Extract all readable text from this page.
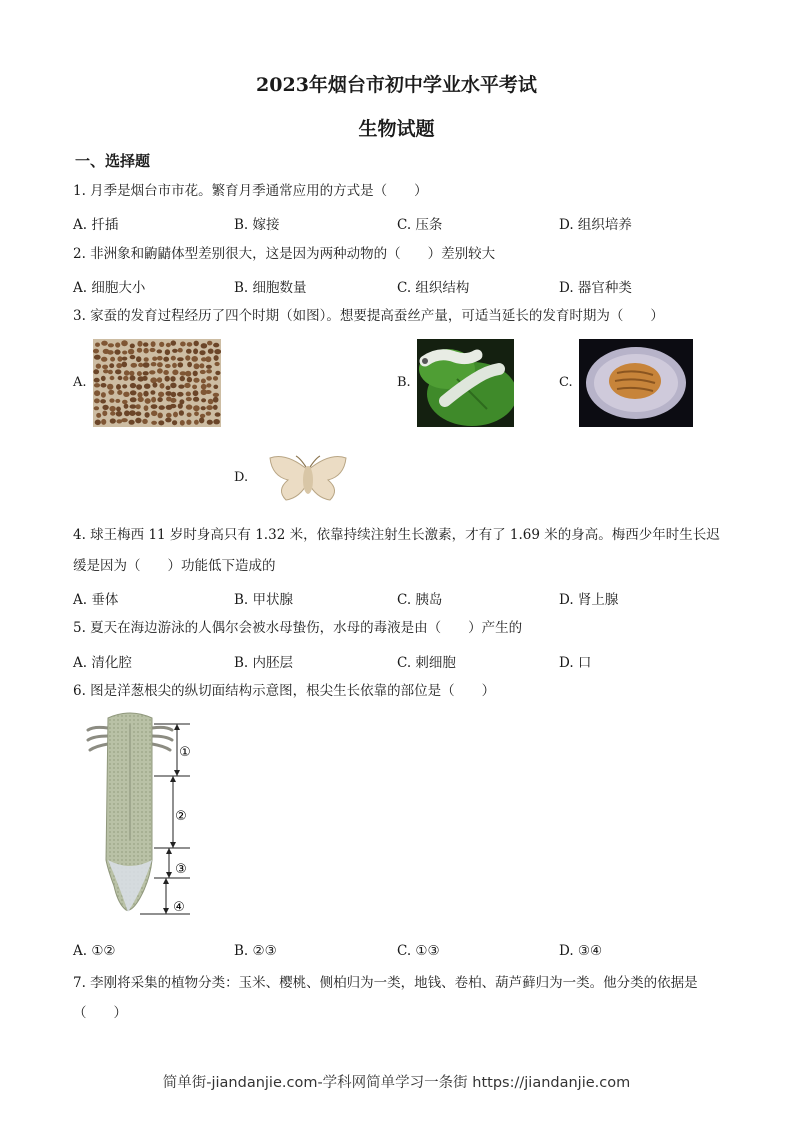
2023年烟台市初中学业水平考试
生物试题
一、选择题
1. 月季是烟台市市花。繁育月季通常应用的方式是（　　）
A. 扦插	B. 嫁接	C. 压条	D. 组织培养
2. 非洲象和鼩鼱体型差别很大，这是因为两种动物的（　　）差别较大
A. 细胞大小	B. 细胞数量	C. 组织结构	D. 器官种类
3. 家蚕的发育过程经历了四个时期（如图）。想要提高蚕丝产量，可适当延长的发育时期为（　　）
A.	B.	C.
D.
4. 球王梅西 11 岁时身高只有 1.32 米，依靠持续注射生长激素，才有了 1.69 米的身高。梅西少年时生长迟
缓是因为（　　）功能低下造成的
A. 垂体	B. 甲状腺	C. 胰岛	D. 肾上腺
5. 夏天在海边游泳的人偶尔会被水母蛰伤，水母的毒液是由（　　）产生的
A. 清化腔	B. 内胚层	C. 刺细胞	D. 口
6. 图是洋葱根尖的纵切面结构示意图，根尖生长依靠的部位是（　　）
①
②
③
④
A. ①②	B. ②③	C. ①③	D. ③④
7. 李刚将采集的植物分类：玉米、樱桃、侧柏归为一类，地钱、卷柏、葫芦藓归为一类。他分类的依据是
（　　）
简单街-jiandanjie.com-学科网简单学习一条街 https://jiandanjie.com
